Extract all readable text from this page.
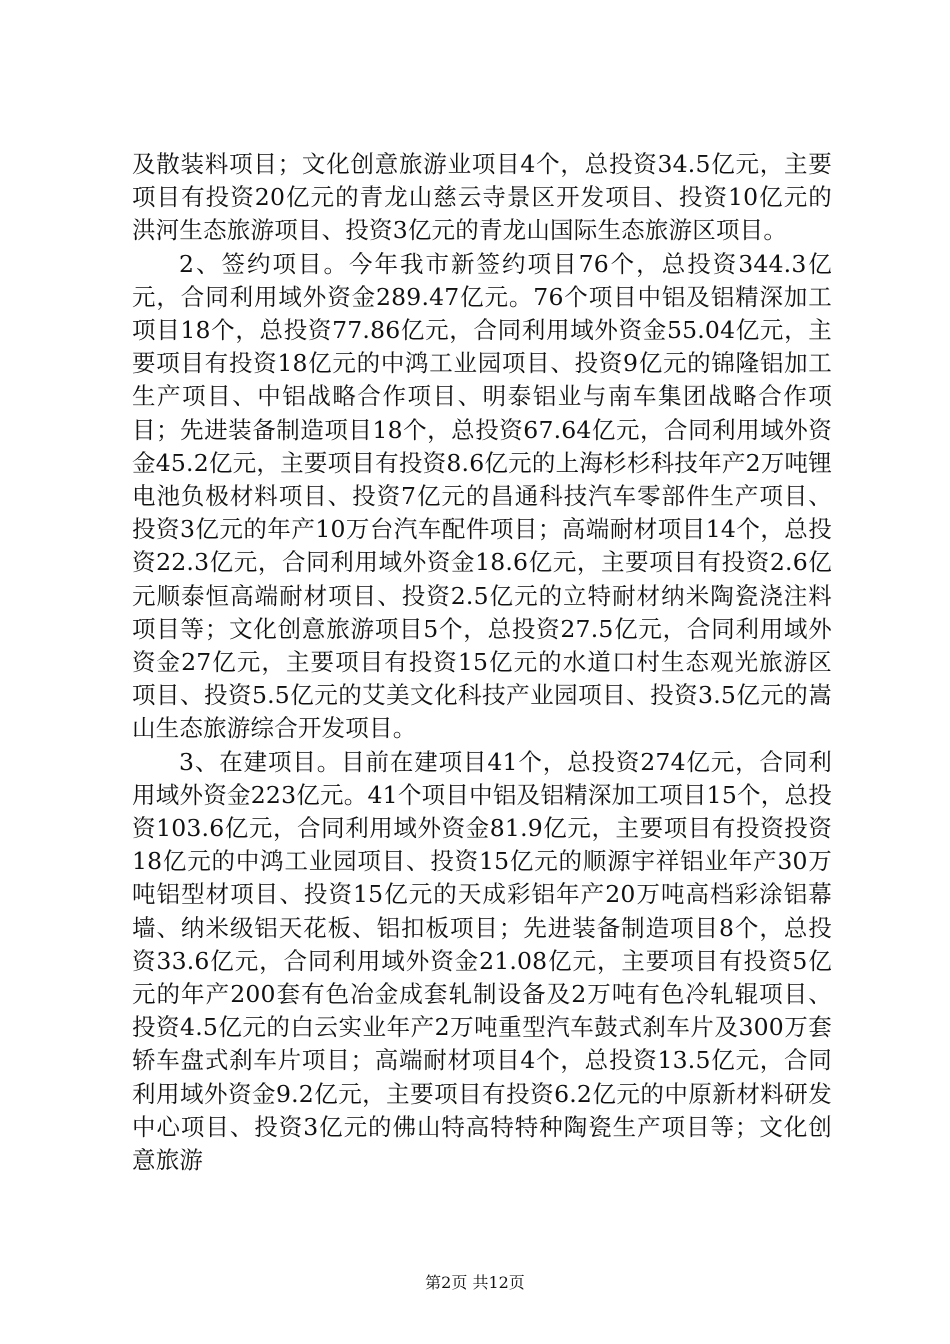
及散装料项目；文化创意旅游业项目4个，总投资34.5亿元，主要项目有投资20亿元的青龙山慈云寺景区开发项目、投资10亿元的洪河生态旅游项目、投资3亿元的青龙山国际生态旅游区项目。

2、签约项目。今年我市新签约项目76个，总投资344.3亿元，合同利用域外资金289.47亿元。76个项目中铝及铝精深加工项目18个，总投资77.86亿元，合同利用域外资金55.04亿元，主要项目有投资18亿元的中鸿工业园项目、投资9亿元的锦隆铝加工生产项目、中铝战略合作项目、明泰铝业与南车集团战略合作项目；先进装备制造项目18个，总投资67.64亿元，合同利用域外资金45.2亿元，主要项目有投资8.6亿元的上海杉杉科技年产2万吨锂电池负极材料项目、投资7亿元的昌通科技汽车零部件生产项目、投资3亿元的年产10万台汽车配件项目；高端耐材项目14个，总投资22.3亿元，合同利用域外资金18.6亿元，主要项目有投资2.6亿元顺泰恒高端耐材项目、投资2.5亿元的立特耐材纳米陶瓷浇注料项目等；文化创意旅游项目5个，总投资27.5亿元，合同利用域外资金27亿元，主要项目有投资15亿元的水道口村生态观光旅游区项目、投资5.5亿元的艾美文化科技产业园项目、投资3.5亿元的嵩山生态旅游综合开发项目。

3、在建项目。目前在建项目41个，总投资274亿元，合同利用域外资金223亿元。41个项目中铝及铝精深加工项目15个，总投资103.6亿元，合同利用域外资金81.9亿元，主要项目有投资投资18亿元的中鸿工业园项目、投资15亿元的顺源宇祥铝业年产30万吨铝型材项目、投资15亿元的天成彩铝年产20万吨高档彩涂铝幕墙、纳米级铝天花板、铝扣板项目；先进装备制造项目8个，总投资33.6亿元，合同利用域外资金21.08亿元，主要项目有投资5亿元的年产200套有色冶金成套轧制设备及2万吨有色冷轧辊项目、投资4.5亿元的白云实业年产2万吨重型汽车鼓式刹车片及300万套轿车盘式刹车片项目；高端耐材项目4个，总投资13.5亿元，合同利用域外资金9.2亿元，主要项目有投资6.2亿元的中原新材料研发中心项目、投资3亿元的佛山特高特特种陶瓷生产项目等；文化创意旅游

第2页 共12页
